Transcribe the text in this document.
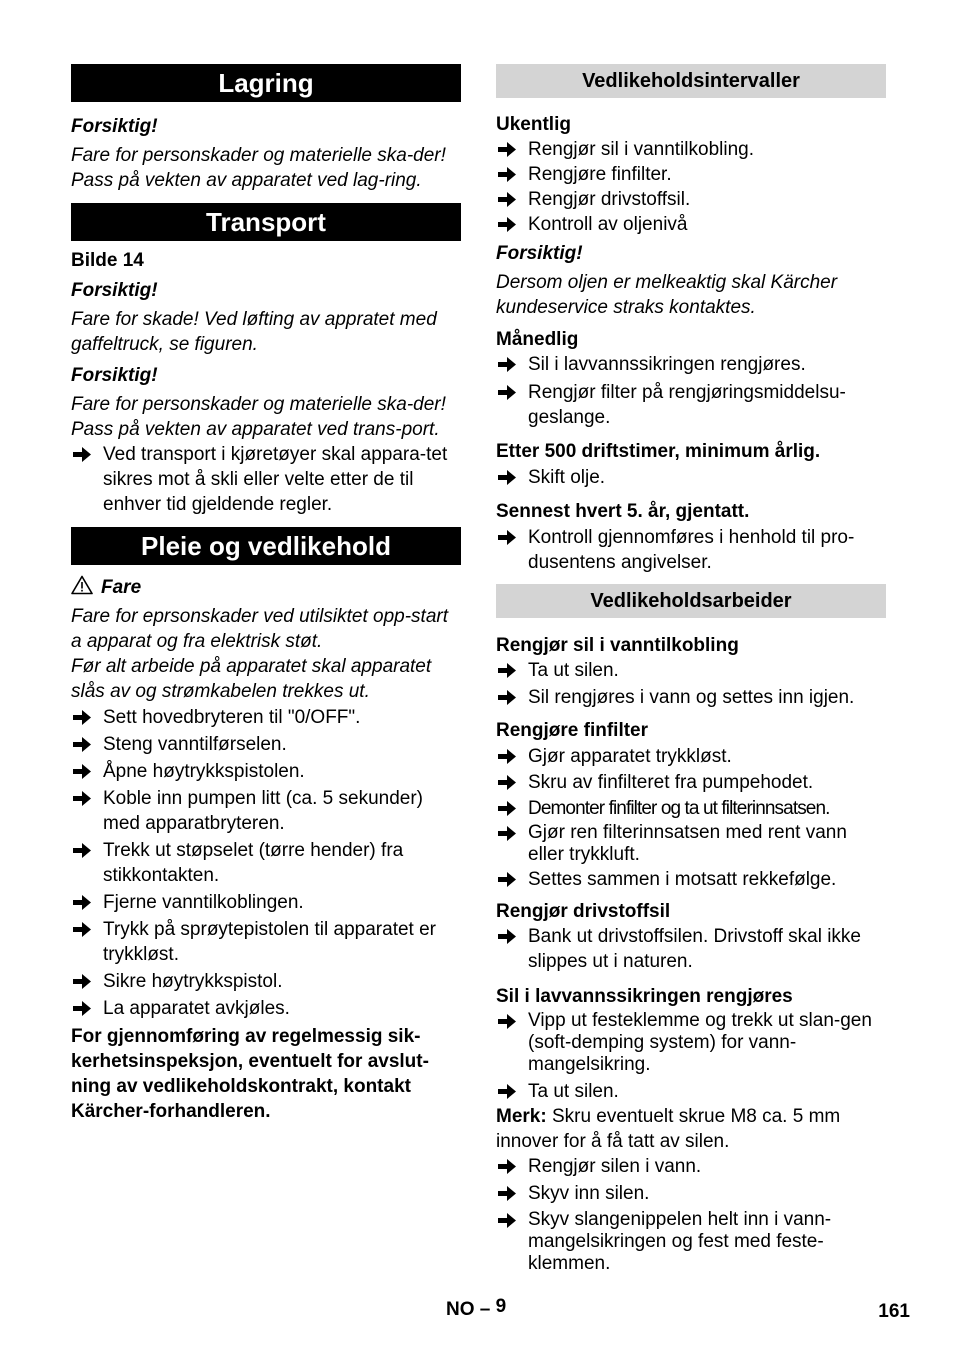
Lagring

Forsiktig!

Fare for personskader og materielle ska-der! Pass på vekten av apparatet ved lag-ring.

Transport

Bilde 14

Forsiktig!

Fare for skade! Ved løfting av appratet med gaffeltruck, se figuren.

Forsiktig!

Fare for personskader og materielle ska-der! Pass på vekten av apparatet ved trans-port.

Ved transport i kjøretøyer skal appara-tet sikres mot å skli eller velte etter de til enhver tid gjeldende regler.
Pleie og vedlikehold

Fare

Fare for eprsonskader ved utilsiktet opp-start a apparat og fra elektrisk støt.

Før alt arbeide på apparatet skal apparatet slås av og strømkabelen trekkes ut.

Sett hovedbryteren til "0/OFF".
Steng vanntilførselen.
Åpne høytrykkspistolen.
Koble inn pumpen litt (ca. 5 sekunder) med apparatbryteren.
Trekk ut støpselet (tørre hender) fra stikkontakten.
Fjerne vanntilkoblingen.
Trykk på sprøytepistolen til apparatet er trykkløst.
Sikre høytrykkspistol.
La apparatet avkjøles.

For gjennomføring av regelmessig sik-kerhetsinspeksjon, eventuelt for avslut-ning av vedlikeholdskontrakt, kontakt Kärcher-forhandleren.

Vedlikeholdsintervaller

Ukentlig

Rengjør sil i vanntilkobling.
Rengjøre finfilter.
Rengjør drivstoffsil.
Kontroll av oljenivå

Forsiktig!

Dersom oljen er melkeaktig skal Kärcher kundeservice straks kontaktes.

Månedlig

Sil i lavvannssikringen rengjøres.
Rengjør filter på rengjøringsmiddelsu-geslange.

Etter 500 driftstimer, minimum årlig.

Skift olje.

Sennest hvert 5. år, gjentatt.

Kontroll gjennomføres i henhold til pro-dusentens angivelser.
Vedlikeholdsarbeider

Rengjør sil i vanntilkobling

Ta ut silen.
Sil rengjøres i vann og settes inn igjen.

Rengjøre finfilter

Gjør apparatet trykkløst.
Skru av finfilteret fra pumpehodet.
Demonter finfilter og ta ut filterinnsatsen.
Gjør ren filterinnsatsen med rent vann eller trykkluft.
Settes sammen i motsatt rekkefølge.

Rengjør drivstoffsil

Bank ut drivstoffsilen. Drivstoff skal ikke slippes ut i naturen.

Sil i lavvannssikringen rengjøres

Vipp ut festeklemme og trekk ut slan-gen (soft-demping system) for vann-mangelsikring.
Ta ut silen.

Merk: Skru eventuelt skrue M8 ca. 5 mm innover for å få tatt av silen.

Rengjør silen i vann.
Skyv inn silen.
Skyv slangenippelen helt inn i vann-mangelsikringen og fest med feste-klemmen.
NO – 9	161
